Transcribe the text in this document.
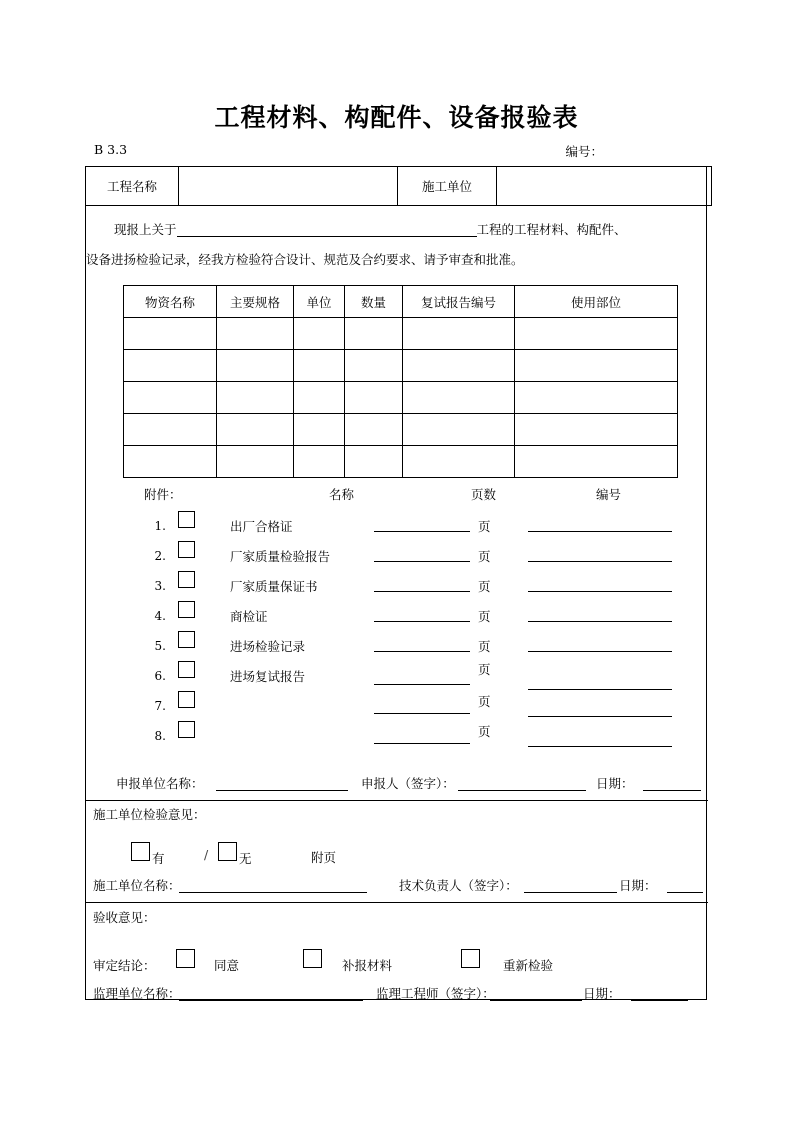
工程材料、构配件、设备报验表
B 3.3	编号：
工程名称		施工单位	
现报上关于	工程的工程材料、构配件、
设备进扬检验记录，经我方检验符合设计、规范及合约要求、请予审查和批准。
物资名称	主要规格	单位	数量	复试报告编号	使用部位

附件：	名称	页数	编号
1.	出厂合格证	页
2.	厂家质量检验报告	页
3.	厂家质量保证书	页
4.	商检证	页
5.	进场检验记录	页
6.	进场复试报告	页
7.	页
8.	页
申报单位名称：	申报人（签字）：	日期：
施工单位检验意见：
有	/ 无	附页
施工单位名称：	技术负责人（签字）：	日期：
验收意见：
审定结论：	同意	补报材料	重新检验
监理单位名称：	监理工程师（签字）：	日期：
